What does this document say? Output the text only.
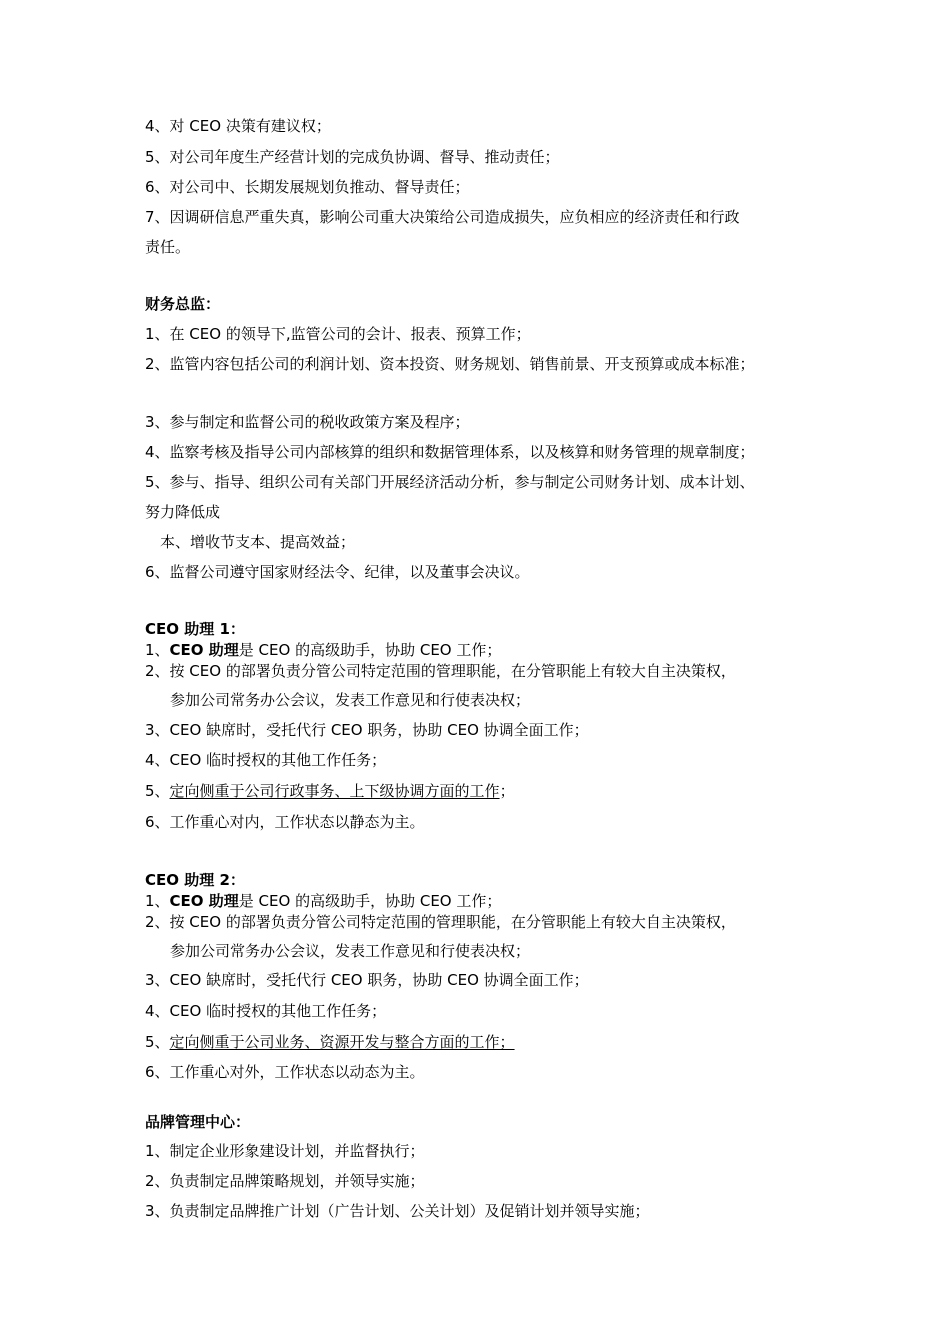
4、对 CEO 决策有建议权；
5、对公司年度生产经营计划的完成负协调、督导、推动责任；
6、对公司中、长期发展规划负推动、督导责任；
7、因调研信息严重失真，影响公司重大决策给公司造成损失，应负相应的经济责任和行政
责任。
财务总监：
1、在 CEO 的领导下,监管公司的会计、报表、预算工作；
2、监管内容包括公司的利润计划、资本投资、财务规划、销售前景、开支预算或成本标准；
3、参与制定和监督公司的税收政策方案及程序；
4、监察考核及指导公司内部核算的组织和数据管理体系，以及核算和财务管理的规章制度；
5、参与、指导、组织公司有关部门开展经济活动分析，参与制定公司财务计划、成本计划、
努力降低成
本、增收节支本、提高效益；
6、监督公司遵守国家财经法令、纪律，以及董事会决议。
CEO 助理 1：
1、CEO 助理是 CEO 的高级助手，协助 CEO 工作；
2、按 CEO 的部署负责分管公司特定范围的管理职能，在分管职能上有较大自主决策权，
参加公司常务办公会议，发表工作意见和行使表决权；
3、CEO 缺席时，受托代行 CEO 职务，协助 CEO 协调全面工作；
4、CEO 临时授权的其他工作任务；
5、定向侧重于公司行政事务、上下级协调方面的工作；
6、工作重心对内，工作状态以静态为主。
CEO 助理 2：
1、CEO 助理是 CEO 的高级助手，协助 CEO 工作；
2、按 CEO 的部署负责分管公司特定范围的管理职能，在分管职能上有较大自主决策权，
参加公司常务办公会议，发表工作意见和行使表决权；
3、CEO 缺席时，受托代行 CEO 职务，协助 CEO 协调全面工作；
4、CEO 临时授权的其他工作任务；
5、定向侧重于公司业务、资源开发与整合方面的工作；
6、工作重心对外，工作状态以动态为主。
品牌管理中心：
1、制定企业形象建设计划，并监督执行；
2、负责制定品牌策略规划，并领导实施；
3、负责制定品牌推广计划（广告计划、公关计划）及促销计划并领导实施；
